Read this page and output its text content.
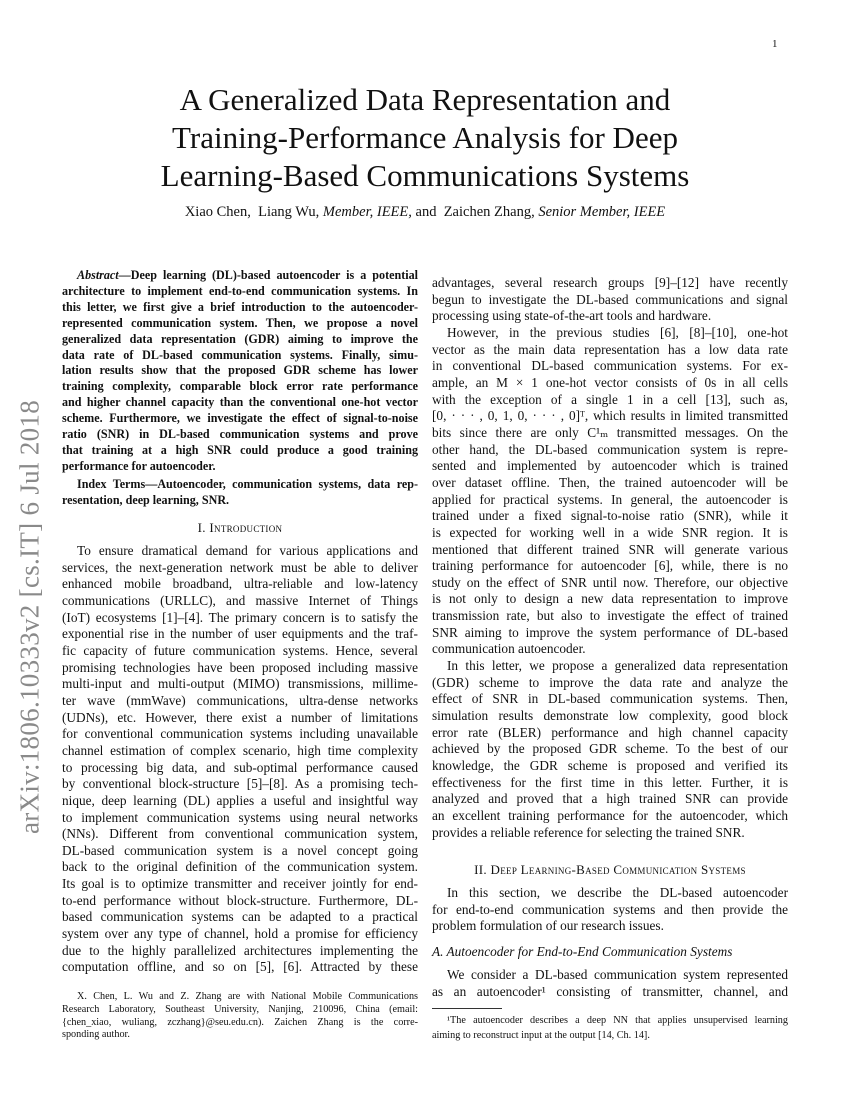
1
arXiv:1806.10333v2 [cs.IT] 6 Jul 2018
A Generalized Data Representation and
Training-Performance Analysis for Deep
Learning-Based Communications Systems
Xiao Chen, Liang Wu, Member, IEEE, and Zaichen Zhang, Senior Member, IEEE
Abstract—Deep learning (DL)-based autoencoder is a potential
architecture to implement end-to-end communication systems. In
this letter, we first give a brief introduction to the autoencoder-
represented communication system. Then, we propose a novel
generalized data representation (GDR) aiming to improve the
data rate of DL-based communication systems. Finally, simu-
lation results show that the proposed GDR scheme has lower
training complexity, comparable block error rate performance
and higher channel capacity than the conventional one-hot vector
scheme. Furthermore, we investigate the effect of signal-to-noise
ratio (SNR) in DL-based communication systems and prove
that training at a high SNR could produce a good training
performance for autoencoder.
Index Terms—Autoencoder, communication systems, data rep-
resentation, deep learning, SNR.
I. Introduction
To ensure dramatical demand for various applications and
services, the next-generation network must be able to deliver
enhanced mobile broadband, ultra-reliable and low-latency
communications (URLLC), and massive Internet of Things
(IoT) ecosystems [1]–[4]. The primary concern is to satisfy the
exponential rise in the number of user equipments and the traf-
fic capacity of future communication systems. Hence, several
promising technologies have been proposed including massive
multi-input and multi-output (MIMO) transmissions, millime-
ter wave (mmWave) communications, ultra-dense networks
(UDNs), etc. However, there exist a number of limitations
for conventional communication systems including unavailable
channel estimation of complex scenario, high time complexity
to processing big data, and sub-optimal performance caused
by conventional block-structure [5]–[8]. As a promising tech-
nique, deep learning (DL) applies a useful and insightful way
to implement communication systems using neural networks
(NNs). Different from conventional communication system,
DL-based communication system is a novel concept going
back to the original definition of the communication system.
Its goal is to optimize transmitter and receiver jointly for end-
to-end performance without block-structure. Furthermore, DL-
based communication systems can be adapted to a practical
system over any type of channel, hold a promise for efficiency
due to the highly parallelized architectures implementing the
computation offline, and so on [5], [6]. Attracted by these
advantages, several research groups [9]–[12] have recently
begun to investigate the DL-based communications and signal
processing using state-of-the-art tools and hardware.
However, in the previous studies [6], [8]–[10], one-hot
vector as the main data representation has a low data rate
in conventional DL-based communication systems. For ex-
ample, an M × 1 one-hot vector consists of 0s in all cells
with the exception of a single 1 in a cell [13], such as,
[0, · · · , 0, 1, 0, · · · , 0]ᵀ, which results in limited transmitted
bits since there are only C¹ₘ transmitted messages. On the
other hand, the DL-based communication system is repre-
sented and implemented by autoencoder which is trained
over dataset offline. Then, the trained autoencoder will be
applied for practical systems. In general, the autoencoder is
trained under a fixed signal-to-noise ratio (SNR), while it
is expected for working well in a wide SNR region. It is
mentioned that different trained SNR will generate various
training performance for autoencoder [6], while, there is no
study on the effect of SNR until now. Therefore, our objective
is not only to design a new data representation to improve
transmission rate, but also to investigate the effect of trained
SNR aiming to improve the system performance of DL-based
communication autoencoder.
In this letter, we propose a generalized data representation
(GDR) scheme to improve the data rate and analyze the
effect of SNR in DL-based communication systems. Then,
simulation results demonstrate low complexity, good block
error rate (BLER) performance and high channel capacity
achieved by the proposed GDR scheme. To the best of our
knowledge, the GDR scheme is proposed and verified its
effectiveness for the first time in this letter. Further, it is
analyzed and proved that a high trained SNR can provide
an excellent training performance for the autoencoder, which
provides a reliable reference for selecting the trained SNR.
II. Deep Learning-Based Communication Systems
In this section, we describe the DL-based autoencoder
for end-to-end communication systems and then provide the
problem formulation of our research issues.
A. Autoencoder for End-to-End Communication Systems
We consider a DL-based communication system represented
as an autoencoder¹ consisting of transmitter, channel, and
X. Chen, L. Wu and Z. Zhang are with National Mobile Communications
Research Laboratory, Southeast University, Nanjing, 210096, China (email:
{chen_xiao, wuliang, zczhang}@seu.edu.cn). Zaichen Zhang is the corre-
sponding author.
¹The autoencoder describes a deep NN that applies unsupervised learning
aiming to reconstruct input at the output [14, Ch. 14].
